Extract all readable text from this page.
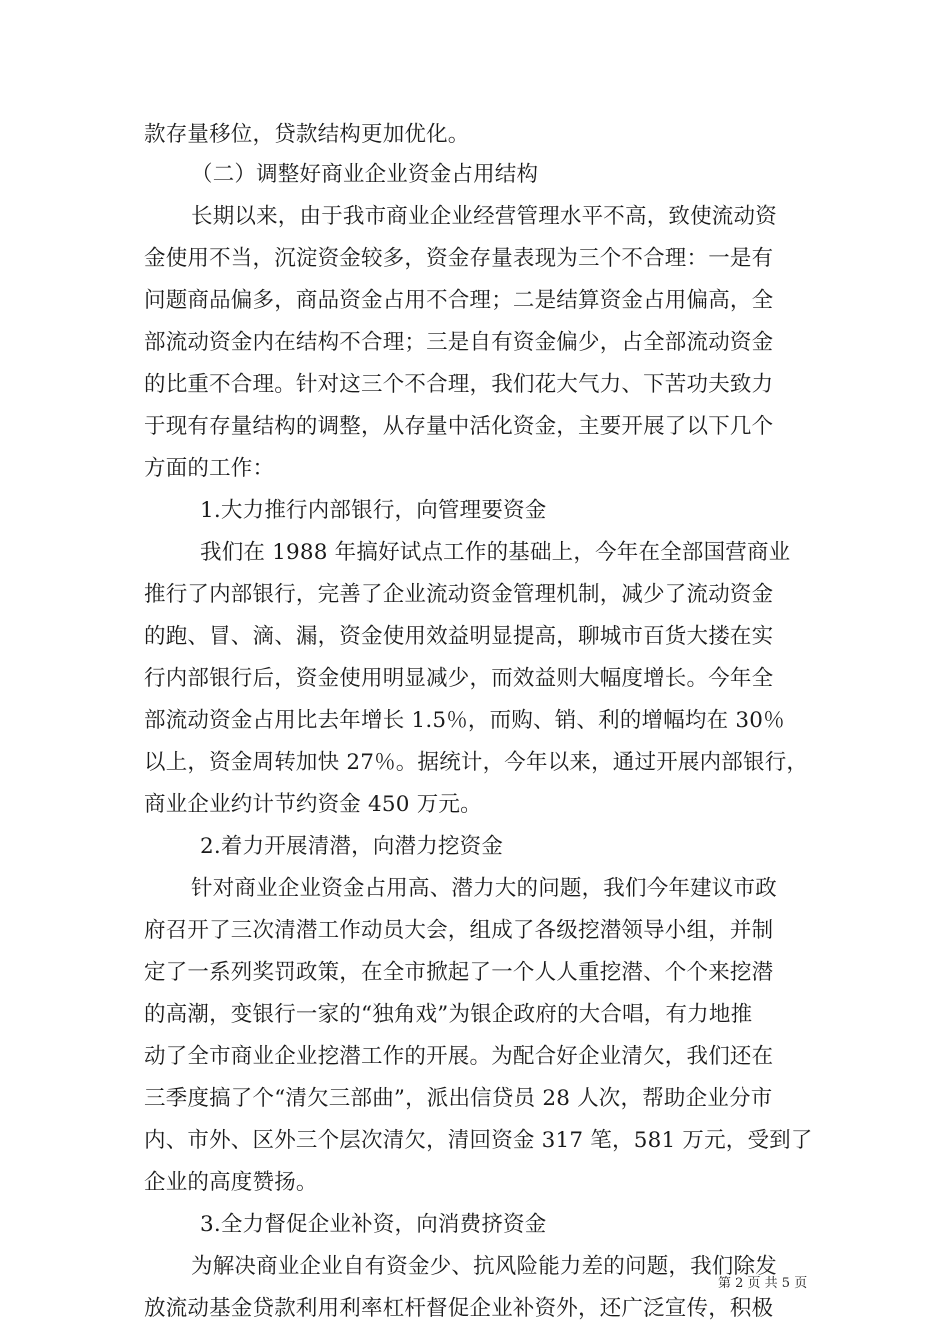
款存量移位，贷款结构更加优化。
（二）调整好商业企业资金占用结构
长期以来，由于我市商业企业经营管理水平不高，致使流动资
金使用不当，沉淀资金较多，资金存量表现为三个不合理：一是有
问题商品偏多，商品资金占用不合理；二是结算资金占用偏高，全
部流动资金内在结构不合理；三是自有资金偏少，占全部流动资金
的比重不合理。针对这三个不合理，我们花大气力、下苦功夫致力
于现有存量结构的调整，从存量中活化资金，主要开展了以下几个
方面的工作：
1.大力推行内部银行，向管理要资金
我们在 1988 年搞好试点工作的基础上，今年在全部国营商业
推行了内部银行，完善了企业流动资金管理机制，减少了流动资金
的跑、冒、滴、漏，资金使用效益明显提高，聊城市百货大搂在实
行内部银行后，资金使用明显减少，而效益则大幅度增长。今年全
部流动资金占用比去年增长 1.5％，而购、销、利的增幅均在 30％
以上，资金周转加快 27％。据统计，今年以来，通过开展内部银行，
商业企业约计节约资金 450 万元。
2.着力开展清潜，向潜力挖资金
针对商业企业资金占用高、潜力大的问题，我们今年建议市政
府召开了三次清潜工作动员大会，组成了各级挖潜领导小组，并制
定了一系列奖罚政策，在全市掀起了一个人人重挖潜、个个来挖潜
的高潮，变银行一家的“独角戏”为银企政府的大合唱，有力地推
动了全市商业企业挖潜工作的开展。为配合好企业清欠，我们还在
三季度搞了个“清欠三部曲”，派出信贷员 28 人次，帮助企业分市
内、市外、区外三个层次清欠，清回资金 317 笔，581 万元，受到了
企业的高度赞扬。
3.全力督促企业补资，向消费挤资金
为解决商业企业自有资金少、抗风险能力差的问题，我们除发
放流动基金贷款利用利率杠杆督促企业补资外，还广泛宣传，积极
第 2 页 共 5 页
